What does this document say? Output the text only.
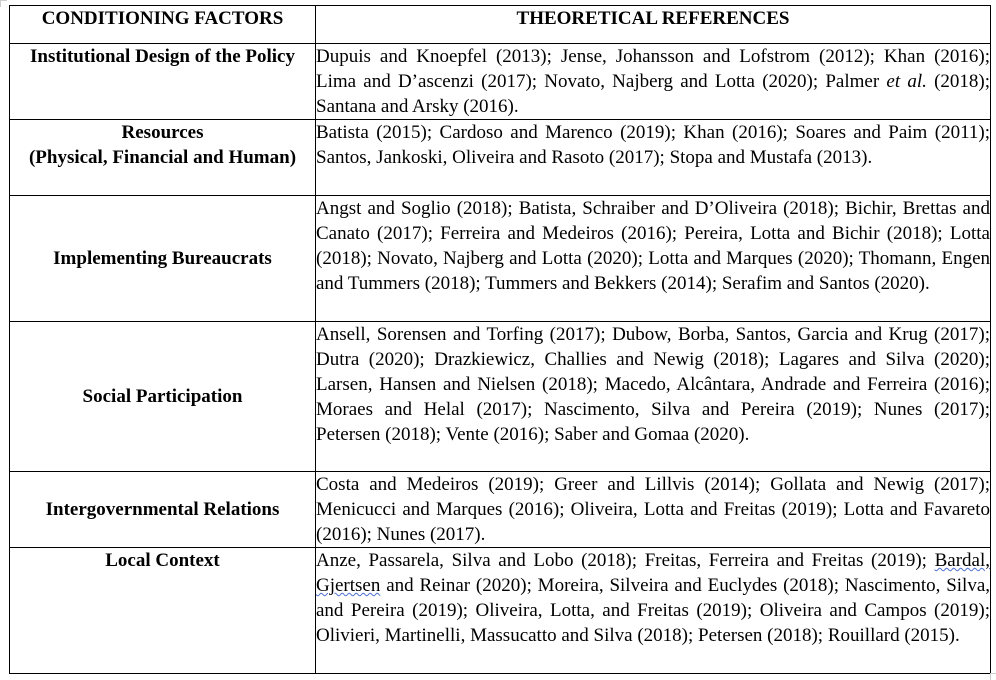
CONDITIONING FACTORS	THEORETICAL REFERENCES
Institutional Design of the Policy	Dupuis and Knoepfel (2013); Jense, Johansson and Lofstrom (2012); Khan (2016); Lima and D’ascenzi (2017); Novato, Najberg and Lotta (2020); Palmer et al. (2018); Santana and Arsky (2016).

Resources
(Physical, Financial and Human)	Batista (2015); Cardoso and Marenco (2019); Khan (2016); Soares and Paim (2011); Santos, Jankoski, Oliveira and Rasoto (2017); Stopa and Mustafa (2013).
Implementing Bureaucrats	Angst and Soglio (2018); Batista, Schraiber and D’Oliveira (2018); Bichir, Brettas and Canato (2017); Ferreira and Medeiros (2016); Pereira, Lotta and Bichir (2018); Lotta (2018); Novato, Najberg and Lotta (2020); Lotta and Marques (2020); Thomann, Engen and Tummers (2018); Tummers and Bekkers (2014); Serafim and Santos (2020).
Social Participation	Ansell, Sorensen and Torfing (2017); Dubow, Borba, Santos, Garcia and Krug (2017); Dutra (2020); Drazkiewicz, Challies and Newig (2018); Lagares and Silva (2020); Larsen, Hansen and Nielsen (2018); Macedo, Alcântara, Andrade and Ferreira (2016); Moraes and Helal (2017); Nascimento, Silva and Pereira (2019); Nunes (2017); Petersen (2018); Vente (2016); Saber and Gomaa (2020).
Intergovernmental Relations	Costa and Medeiros (2019); Greer and Lillvis (2014); Gollata and Newig (2017); Menicucci and Marques (2016); Oliveira, Lotta and Freitas (2019); Lotta and Favareto (2016); Nunes (2017).
Local Context	Anze, Passarela, Silva and Lobo (2018); Freitas, Ferreira and Freitas (2019); Bardal, Gjertsen and Reinar (2020); Moreira, Silveira and Euclydes (2018); Nascimento, Silva, and Pereira (2019); Oliveira, Lotta, and Freitas (2019); Oliveira and Campos (2019); Olivieri, Martinelli, Massucatto and Silva (2018); Petersen (2018); Rouillard (2015).
